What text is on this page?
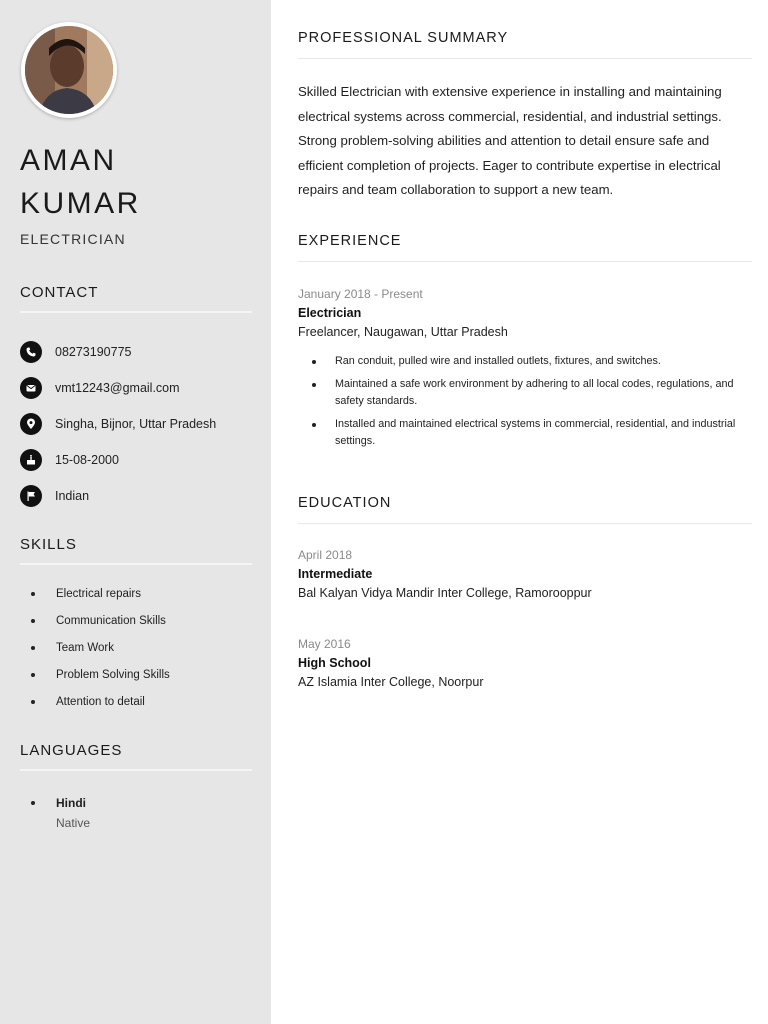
AMAN
KUMAR
ELECTRICIAN
CONTACT
08273190775
vmt12243@gmail.com
Singha, Bijnor, Uttar Pradesh
15-08-2000
Indian
SKILLS
Electrical repairs
Communication Skills
Team Work
Problem Solving Skills
Attention to detail
LANGUAGES
Hindi
Native
PROFESSIONAL SUMMARY
Skilled Electrician with extensive experience in installing and maintaining electrical systems across commercial, residential, and industrial settings. Strong problem-solving abilities and attention to detail ensure safe and efficient completion of projects. Eager to contribute expertise in electrical repairs and team collaboration to support a new team.
EXPERIENCE
January 2018 - Present
Electrician
Freelancer, Naugawan, Uttar Pradesh
Ran conduit, pulled wire and installed outlets, fixtures, and switches.
Maintained a safe work environment by adhering to all local codes, regulations, and safety standards.
Installed and maintained electrical systems in commercial, residential, and industrial settings.
EDUCATION
April 2018
Intermediate
Bal Kalyan Vidya Mandir Inter College, Ramorooppur
May 2016
High School
AZ Islamia Inter College, Noorpur
